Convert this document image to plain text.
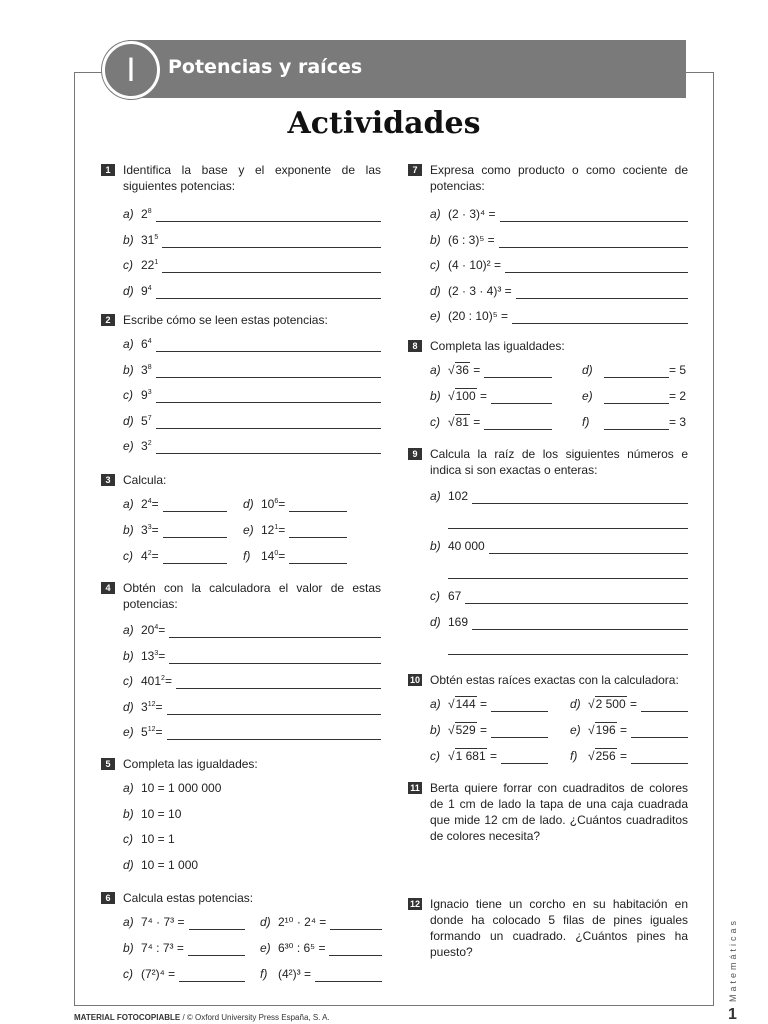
I	Potencias y raíces
Actividades
1	Identifica la base y el exponente de las siguientes potencias:
a) $2^8$
b) $31^5$
c) $22^1$
d) $9^4$
2	Escribe cómo se leen estas potencias:
a) $6^4$
b) $3^8$
c) $9^3$
d) $5^7$
e) $3^2$
3	Calcula:
a) $2^4$ =	d) $10^6$ =
b) $3^3$ =	e) $12^1$ =
c) $4^2$ =	f) $14^0$ =
4	Obtén con la calculadora el valor de estas potencias:
a) $20^4$ =
b) $13^3$ =
c) $401^2$ =
d) $3^{12}$ =
e) $5^{12}$ =
5	Completa las igualdades:
a) 10 = 1 000 000
b) 10 = 10
c) 10 = 1
d) 10 = 1 000
6	Calcula estas potencias:
a) 7⁴ · 7³ =	d) 2¹⁰ · 2⁴ =
b) 7⁴ : 7³ =	e) 6³⁰ : 6⁵ =
c) (7²)⁴ =	f) (4²)³ =
7	Expresa como producto o como cociente de potencias:
a) (2 · 3)⁴ =
b) (6 : 3)⁵ =
c) (4 · 10)² =
d) (2 · 3 · 4)³ =
e) (20 : 10)⁵ =
8	Completa las igualdades:
a) √36 =	d)	= 5
b) √100 =	e)	= 2
c) √81 =	f)	= 3
9	Calcula la raíz de los siguientes números e indica si son exactas o enteras:
a) 102
b) 40 000
c) 67
d) 169
10 Obtén estas raíces exactas con la calculadora:
a) √144 =	d) √2 500 =
b) √529 =	e) √196 =
c) √1 681 =	f) √256 =
11 Berta quiere forrar con cuadraditos de colores de 1 cm de lado la tapa de una caja cuadrada que mide 12 cm de lado. ¿Cuántos cuadraditos de colores necesita?
12 Ignacio tiene un corcho en su habitación en donde ha colocado 5 filas de pines iguales formando un cuadrado. ¿Cuántos pines ha puesto?
MATERIAL FOTOCOPIABLE / © Oxford University Press España, S. A.
Matemáticas
1
